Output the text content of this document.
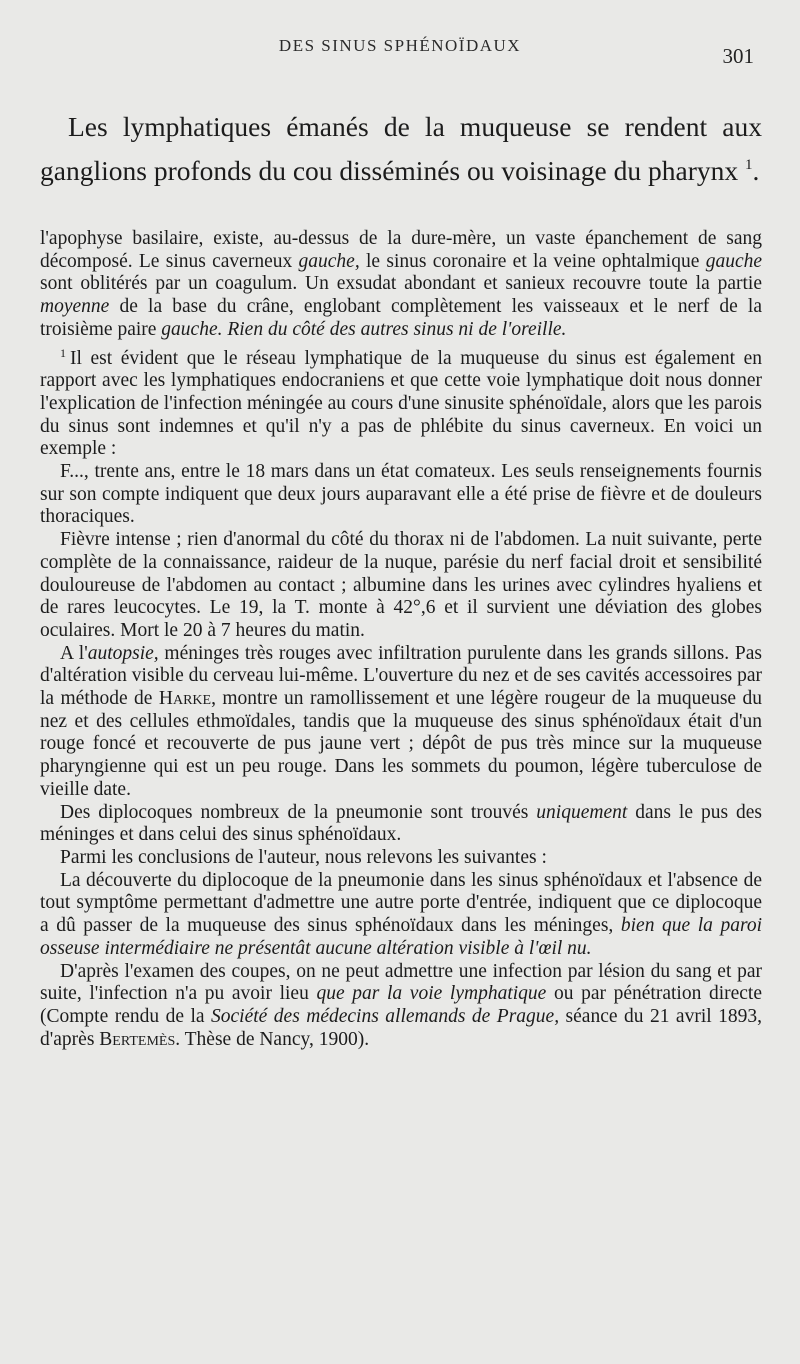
DES SINUS SPHÉNOÏDAUX	301

Les lymphatiques émanés de la muqueuse se rendent aux ganglions profonds du cou disséminés ou voisinage du pharynx $^1$.

l'apophyse basilaire, existe, au-dessus de la dure-mère, un vaste épanchement de sang décomposé. Le sinus caverneux gauche, le sinus coronaire et la veine ophtalmique gauche sont oblitérés par un coagulum. Un exsudat abondant et sanieux recouvre toute la partie moyenne de la base du crâne, englobant complètement les vaisseaux et le nerf de la troisième paire gauche. Rien du côté des autres sinus ni de l'oreille.

$^1$ Il est évident que le réseau lymphatique de la muqueuse du sinus est également en rapport avec les lymphatiques endocraniens et que cette voie lymphatique doit nous donner l'explication de l'infection méningée au cours d'une sinusite sphénoïdale, alors que les parois du sinus sont indemnes et qu'il n'y a pas de phlébite du sinus caverneux. En voici un exemple :

F..., trente ans, entre le 18 mars dans un état comateux. Les seuls renseignements fournis sur son compte indiquent que deux jours auparavant elle a été prise de fièvre et de douleurs thoraciques.

Fièvre intense ; rien d'anormal du côté du thorax ni de l'abdomen. La nuit suivante, perte complète de la connaissance, raideur de la nuque, parésie du nerf facial droit et sensibilité douloureuse de l'abdomen au contact ; albumine dans les urines avec cylindres hyaliens et de rares leucocytes. Le 19, la T. monte à 42°,6 et il survient une déviation des globes oculaires. Mort le 20 à 7 heures du matin.

A l'autopsie, méninges très rouges avec infiltration purulente dans les grands sillons. Pas d'altération visible du cerveau lui-même. L'ouverture du nez et de ses cavités accessoires par la méthode de Harke, montre un ramollissement et une légère rougeur de la muqueuse du nez et des cellules ethmoïdales, tandis que la muqueuse des sinus sphénoïdaux était d'un rouge foncé et recouverte de pus jaune vert ; dépôt de pus très mince sur la muqueuse pharyngienne qui est un peu rouge. Dans les sommets du poumon, légère tuberculose de vieille date.

Des diplocoques nombreux de la pneumonie sont trouvés uniquement dans le pus des méninges et dans celui des sinus sphénoïdaux.

Parmi les conclusions de l'auteur, nous relevons les suivantes :

La découverte du diplocoque de la pneumonie dans les sinus sphénoïdaux et l'absence de tout symptôme permettant d'admettre une autre porte d'entrée, indiquent que ce diplocoque a dû passer de la muqueuse des sinus sphénoïdaux dans les méninges, bien que la paroi osseuse intermédiaire ne présentât aucune altération visible à l'œil nu.

D'après l'examen des coupes, on ne peut admettre une infection par lésion du sang et par suite, l'infection n'a pu avoir lieu que par la voie lymphatique ou par pénétration directe (Compte rendu de la Société des médecins allemands de Prague, séance du 21 avril 1893, d'après Bertemès. Thèse de Nancy, 1900).
